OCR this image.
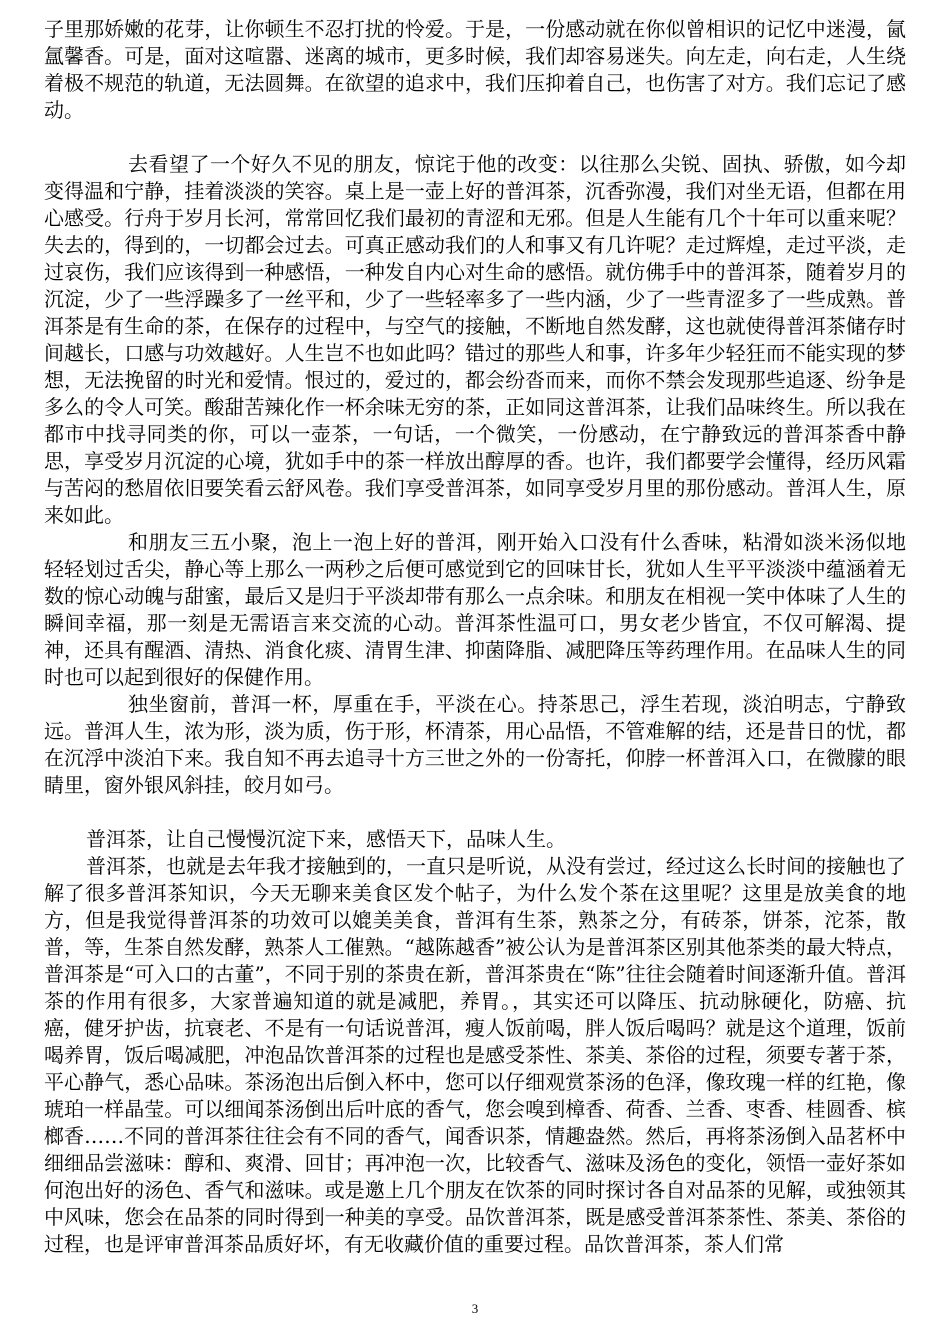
子里那娇嫩的花芽，让你顿生不忍打扰的怜爱。于是，一份感动就在你似曾相识的记忆中迷漫，氤氲馨香。可是，面对这喧嚣、迷离的城市，更多时候，我们却容易迷失。向左走，向右走，人生绕着极不规范的轨道，无法圆舞。在欲望的追求中，我们压抑着自己，也伤害了对方。我们忘记了感动。

去看望了一个好久不见的朋友，惊诧于他的改变：以往那么尖锐、固执、骄傲，如今却变得温和宁静，挂着淡淡的笑容。桌上是一壶上好的普洱茶，沉香弥漫，我们对坐无语，但都在用心感受。行舟于岁月长河，常常回忆我们最初的青涩和无邪。但是人生能有几个十年可以重来呢？失去的，得到的，一切都会过去。可真正感动我们的人和事又有几许呢？走过辉煌，走过平淡，走过哀伤，我们应该得到一种感悟，一种发自内心对生命的感悟。就仿佛手中的普洱茶，随着岁月的沉淀，少了一些浮躁多了一丝平和，少了一些轻率多了一些内涵，少了一些青涩多了一些成熟。普洱茶是有生命的茶，在保存的过程中，与空气的接触，不断地自然发酵，这也就使得普洱茶储存时间越长，口感与功效越好。人生岂不也如此吗？错过的那些人和事，许多年少轻狂而不能实现的梦想，无法挽留的时光和爱情。恨过的，爱过的，都会纷沓而来，而你不禁会发现那些追逐、纷争是多么的令人可笑。酸甜苦辣化作一杯余味无穷的茶，正如同这普洱茶，让我们品味终生。所以我在都市中找寻同类的你，可以一壶茶，一句话，一个微笑，一份感动，在宁静致远的普洱茶香中静思，享受岁月沉淀的心境，犹如手中的茶一样放出醇厚的香。也许，我们都要学会懂得，经历风霜与苦闷的愁眉依旧要笑看云舒风卷。我们享受普洱茶，如同享受岁月里的那份感动。普洱人生，原来如此。

和朋友三五小聚，泡上一泡上好的普洱，刚开始入口没有什么香味，粘滑如淡米汤似地轻轻划过舌尖，静心等上那么一两秒之后便可感觉到它的回味甘长，犹如人生平平淡淡中蕴涵着无数的惊心动魄与甜蜜，最后又是归于平淡却带有那么一点余味。和朋友在相视一笑中体味了人生的瞬间幸福，那一刻是无需语言来交流的心动。普洱茶性温可口，男女老少皆宜，不仅可解渴、提神，还具有醒酒、清热、消食化痰、清胃生津、抑菌降脂、减肥降压等药理作用。在品味人生的同时也可以起到很好的保健作用。

独坐窗前，普洱一杯，厚重在手，平淡在心。持茶思己，浮生若现，淡泊明志，宁静致远。普洱人生，浓为形，淡为质，伤于形，杯清茶，用心品悟，不管难解的结，还是昔日的忧，都在沉浮中淡泊下来。我自知不再去追寻十方三世之外的一份寄托，仰脖一杯普洱入口，在微朦的眼睛里，窗外银风斜挂，皎月如弓。

普洱茶，让自己慢慢沉淀下来，感悟天下，品味人生。

普洱茶，也就是去年我才接触到的，一直只是听说，从没有尝过，经过这么长时间的接触也了解了很多普洱茶知识，今天无聊来美食区发个帖子，为什么发个茶在这里呢？这里是放美食的地方，但是我觉得普洱茶的功效可以媲美美食，普洱有生茶，熟茶之分，有砖茶，饼茶，沱茶，散普，等，生茶自然发酵，熟茶人工催熟。“越陈越香”被公认为是普洱茶区别其他茶类的最大特点，普洱茶是“可入口的古董”，不同于别的茶贵在新，普洱茶贵在“陈”往往会随着时间逐渐升值。普洱茶的作用有很多，大家普遍知道的就是减肥，养胃。，其实还可以降压、抗动脉硬化，防癌、抗癌，健牙护齿，抗衰老、不是有一句话说普洱，瘦人饭前喝，胖人饭后喝吗？就是这个道理，饭前喝养胃，饭后喝减肥，冲泡品饮普洱茶的过程也是感受茶性、茶美、茶俗的过程，须要专著于茶，平心静气，悉心品味。茶汤泡出后倒入杯中，您可以仔细观赏茶汤的色泽，像玫瑰一样的红艳，像琥珀一样晶莹。可以细闻茶汤倒出后叶底的香气，您会嗅到樟香、荷香、兰香、枣香、桂圆香、槟榔香……不同的普洱茶往往会有不同的香气，闻香识茶，情趣盎然。然后，再将茶汤倒入品茗杯中细细品尝滋味：醇和、爽滑、回甘；再冲泡一次，比较香气、滋味及汤色的变化，领悟一壶好茶如何泡出好的汤色、香气和滋味。或是邀上几个朋友在饮茶的同时探讨各自对品茶的见解，或独领其中风味，您会在品茶的同时得到一种美的享受。品饮普洱茶，既是感受普洱茶茶性、茶美、茶俗的过程，也是评审普洱茶品质好坏，有无收藏价值的重要过程。品饮普洱茶，茶人们常

3
